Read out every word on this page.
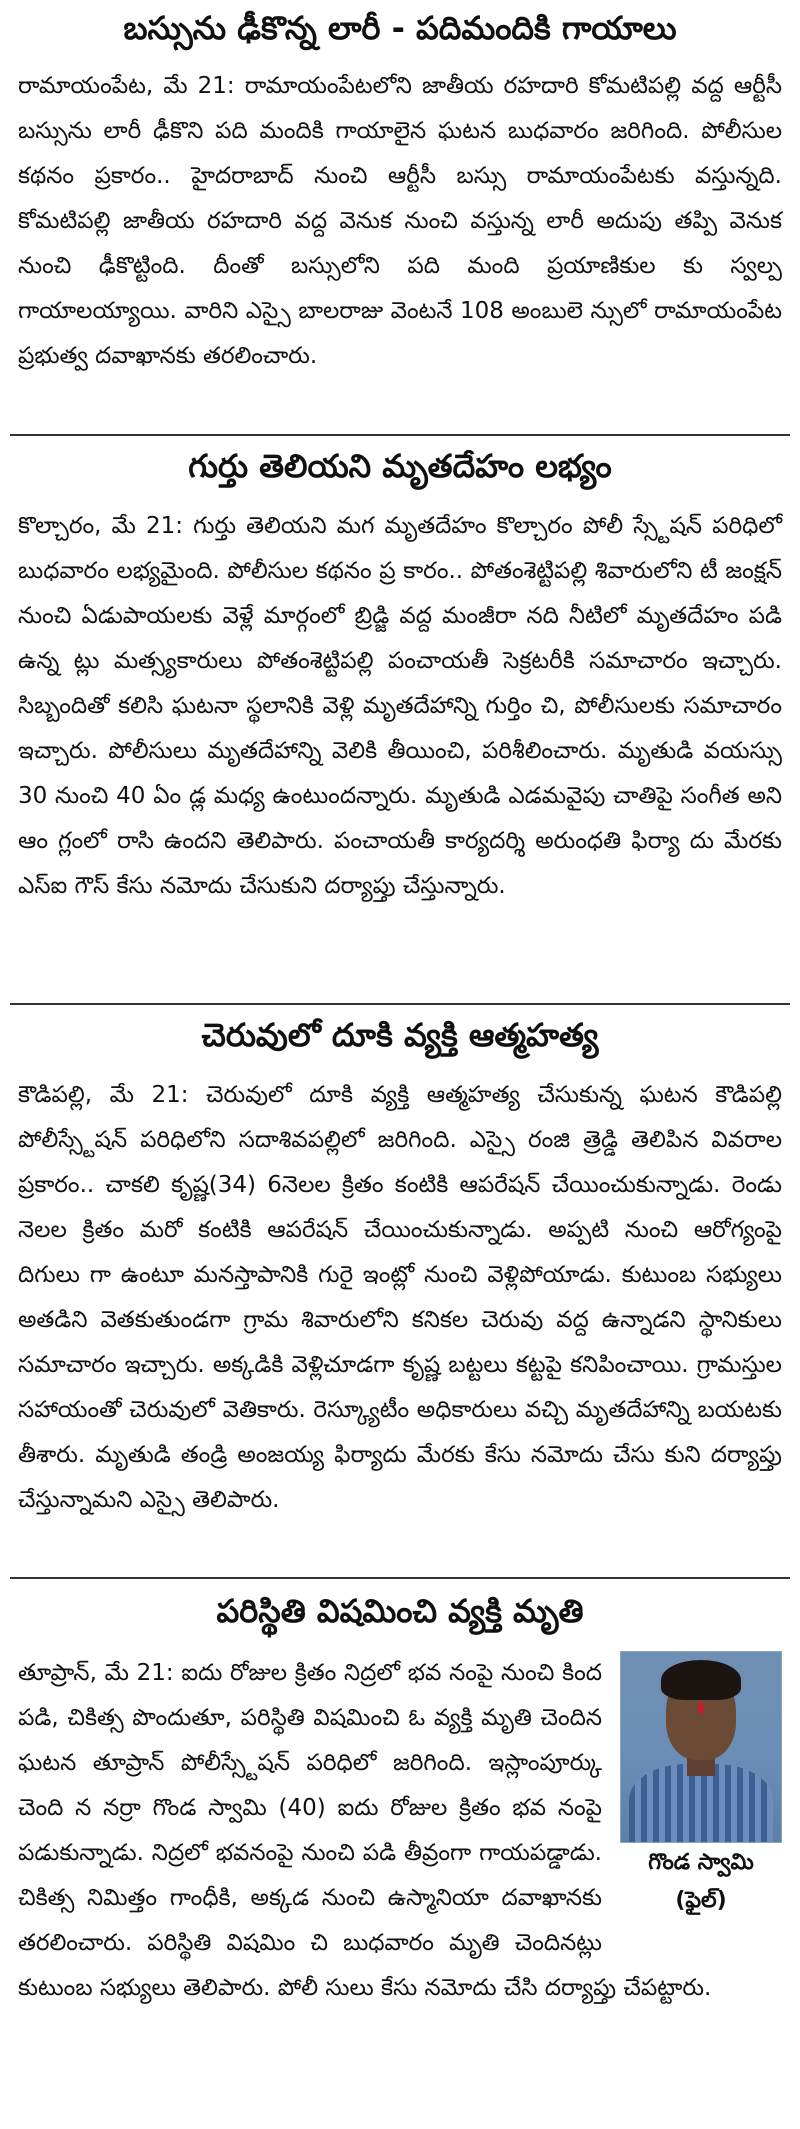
బస్సును ఢీకొన్న లారీ - పదిమందికి గాయాలు

రామాయంపేట, మే 21: రామాయంపేటలోని జాతీయ రహదారి కోమటిపల్లి వద్ద ఆర్టీసీ బస్సును లారీ ఢీకొని పది మందికి గాయాలైన ఘటన బుధవారం జరిగింది. పోలీసుల కథనం ప్రకారం.. హైదరాబాద్ నుంచి ఆర్టీసీ బస్సు రామాయంపేటకు వస్తున్నది. కోమటిపల్లి జాతీయ రహదారి వద్ద వెనుక నుంచి వస్తున్న లారీ అదుపు తప్పి వెనుక నుంచి ఢీకొట్టింది. దీంతో బస్సులోని పది మంది ప్రయాణికుల కు స్వల్ప గాయాలయ్యాయి. వారిని ఎస్సై బాలరాజు వెంటనే 108 అంబులె న్సులో రామాయంపేట ప్రభుత్వ దవాఖానకు తరలించారు.

గుర్తు తెలియని మృతదేహం లభ్యం

కొల్చారం, మే 21: గుర్తు తెలియని మగ మృతదేహం కొల్చారం పోలీ స్స్టేషన్ పరిధిలో బుధవారం లభ్యమైంది. పోలీసుల కథనం ప్ర కారం.. పోతంశెట్టిపల్లి శివారులోని టీ జంక్షన్ నుంచి ఏడుపాయలకు వెళ్లే మార్గంలో బ్రిడ్జి వద్ద మంజీరా నది నీటిలో మృతదేహం పడి ఉన్న ట్లు మత్స్యకారులు పోతంశెట్టిపల్లి పంచాయతీ సెక్రటరీకి సమాచారం ఇచ్చారు. సిబ్బందితో కలిసి ఘటనా స్థలానికి వెళ్లి మృతదేహాన్ని గుర్తిం చి, పోలీసులకు సమాచారం ఇచ్చారు. పోలీసులు మృతదేహాన్ని వెలికి తీయించి, పరిశీలించారు. మృతుడి వయస్సు 30 నుంచి 40 ఏం డ్ల మధ్య ఉంటుందన్నారు. మృతుడి ఎడమవైపు చాతిపై సంగీత అని ఆం గ్లంలో రాసి ఉందని తెలిపారు. పంచాయతీ కార్యదర్శి అరుంధతి ఫిర్యా దు మేరకు ఎస్ఐ గౌస్ కేసు నమోదు చేసుకుని దర్యాప్తు చేస్తున్నారు.

చెరువులో దూకి వ్యక్తి ఆత్మహత్య

కౌడిపల్లి, మే 21: చెరువులో దూకి వ్యక్తి ఆత్మహత్య చేసుకున్న ఘటన కౌడిపల్లి పోలీస్స్టేషన్ పరిధిలోని సదాశివపల్లిలో జరిగింది. ఎస్సై రంజి త్రెడ్డి తెలిపిన వివరాల ప్రకారం.. చాకలి కృష్ణ(34) 6నెలల క్రితం కంటికి ఆపరేషన్ చేయించుకున్నాడు. రెండు నెలల క్రితం మరో కంటికి ఆపరేషన్ చేయించుకున్నాడు. అప్పటి నుంచి ఆరోగ్యంపై దిగులు గా ఉంటూ మనస్తాపానికి గురై ఇంట్లో నుంచి వెళ్లిపోయాడు. కుటుంబ సభ్యులు అతడిని వెతకుతుండగా గ్రామ శివారులోని కనికల చెరువు వద్ద ఉన్నాడని స్థానికులు సమాచారం ఇచ్చారు. అక్కడికి వెళ్లిచూడగా కృష్ణ బట్టలు కట్టపై కనిపించాయి. గ్రామస్తుల సహాయంతో చెరువులో వెతికారు. రెస్క్యూటీం అధికారులు వచ్చి మృతదేహాన్ని బయటకు తీశారు. మృతుడి తండ్రి అంజయ్య ఫిర్యాదు మేరకు కేసు నమోదు చేసు కుని దర్యాప్తు చేస్తున్నామని ఎస్సై తెలిపారు.

పరిస్థితి విషమించి వ్యక్తి మృతి

గొండ స్వామి

(ఫైల్)

తూప్రాన్, మే 21: ఐదు రోజుల క్రితం నిద్రలో భవ నంపై నుంచి కింద పడి, చికిత్స పొందుతూ, పరిస్థితి విషమించి ఓ వ్యక్తి మృతి చెందిన ఘటన తూప్రాన్ పోలీస్స్టేషన్ పరిధిలో జరిగింది. ఇస్లాంపూర్కు చెంది న నర్రా గొండ స్వామి (40) ఐదు రోజుల క్రితం భవ నంపై పడుకున్నాడు. నిద్రలో భవనంపై నుంచి పడి తీవ్రంగా గాయపడ్డాడు. చికిత్స నిమిత్తం గాంధీకి, అక్కడ నుంచి ఉస్మానియా దవాఖానకు తరలించారు. పరిస్థితి విషమిం చి బుధవారం మృతి చెందినట్లు కుటుంబ సభ్యులు తెలిపారు. పోలీ సులు కేసు నమోదు చేసి దర్యాప్తు చేపట్టారు.
